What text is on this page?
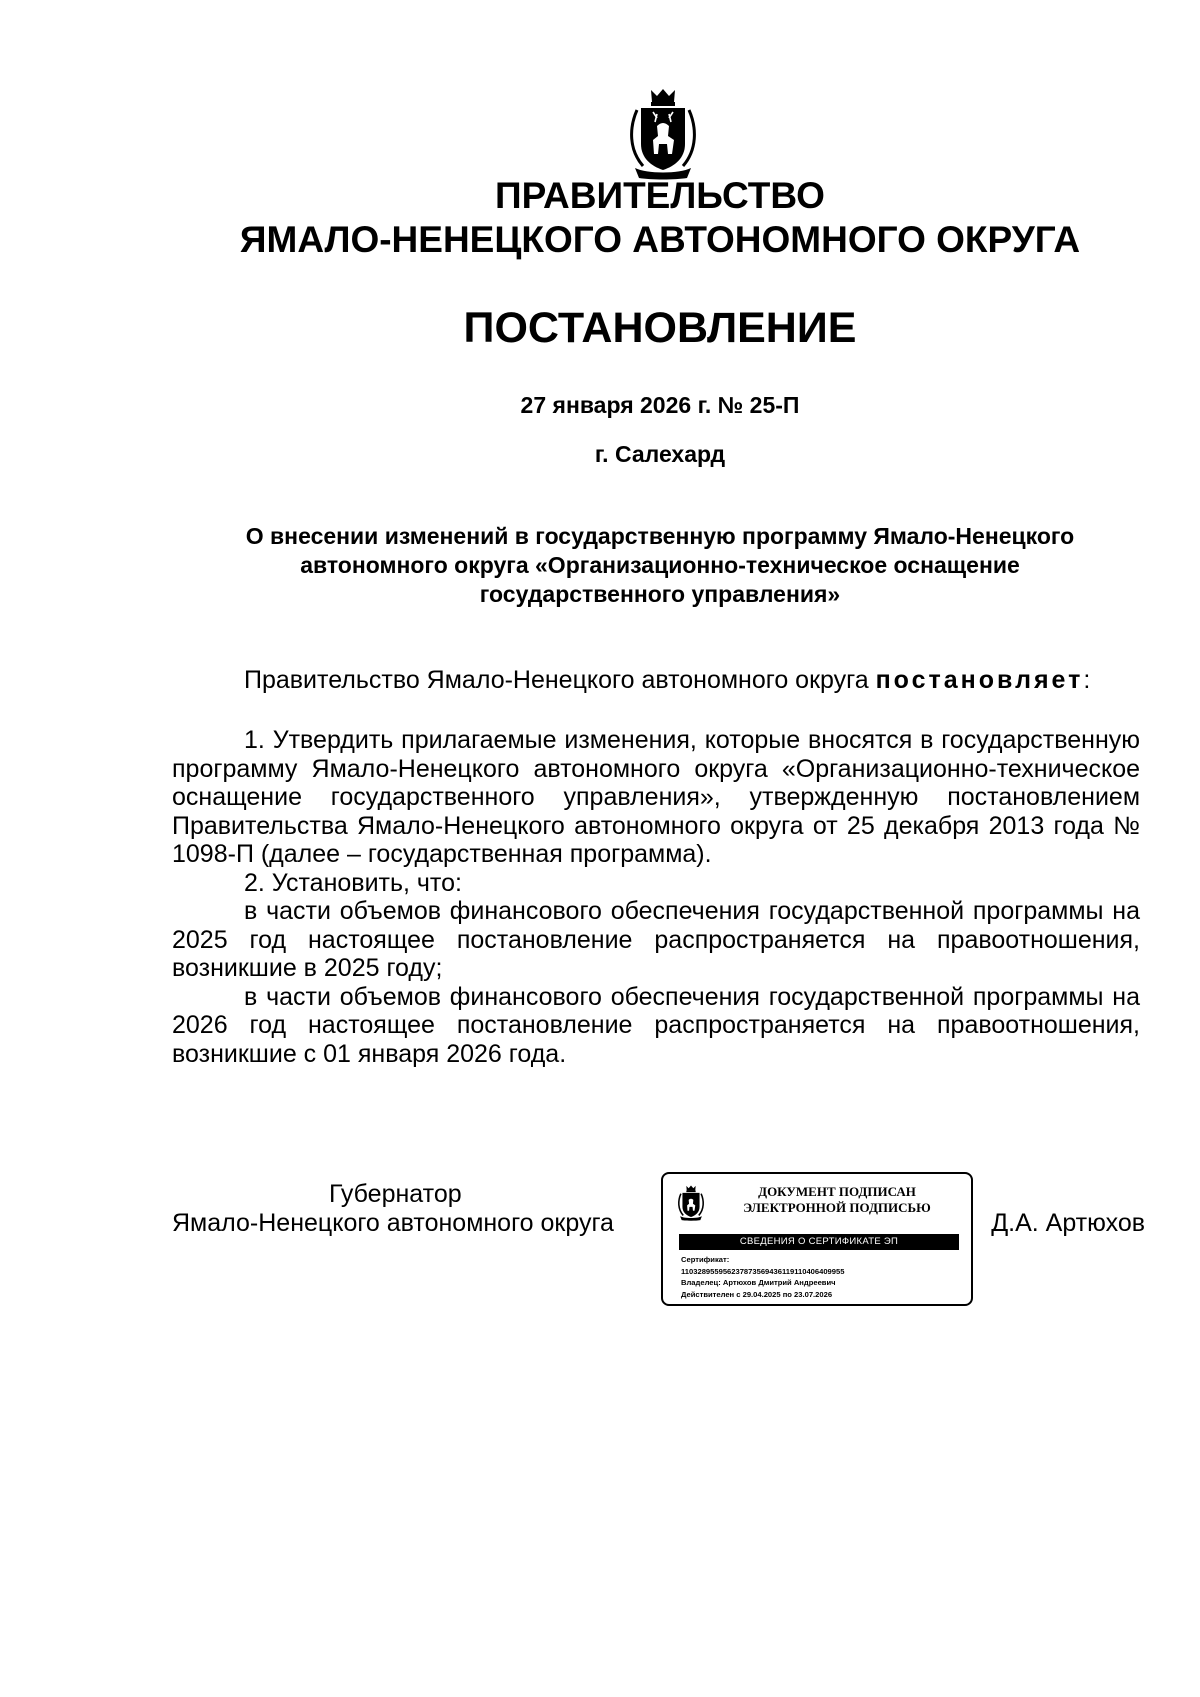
ПРАВИТЕЛЬСТВО
ЯМАЛО-НЕНЕЦКОГО АВТОНОМНОГО ОКРУГА
ПОСТАНОВЛЕНИЕ
27 января 2026 г. № 25-П
г. Салехард
О внесении изменений в государственную программу Ямало-Ненецкого
автономного округа «Организационно-техническое оснащение
государственного управления»

Правительство Ямало-Ненецкого автономного округа постановляет:

1. Утвердить прилагаемые изменения, которые вносятся в государственную программу Ямало-Ненецкого автономного округа «Организационно-техническое оснащение государственного управления», утвержденную постановлением Правительства Ямало-Ненецкого автономного округа от 25 декабря 2013 года № 1098-П (далее – государственная программа).

2. Установить, что:

в части объемов финансового обеспечения государственной программы на 2025 год настоящее постановление распространяется на правоотношения, возникшие в 2025 году;

в части объемов финансового обеспечения государственной программы на 2026 год настоящее постановление распространяется на правоотношения, возникшие с 01 января 2026 года.

Губернатор
Ямало-Ненецкого автономного округа
ДОКУМЕНТ ПОДПИСАН
ЭЛЕКТРОННОЙ ПОДПИСЬЮ
СВЕДЕНИЯ О СЕРТИФИКАТЕ ЭП
Сертификат:
110328955956237873569436119110406409955
Владелец: Артюхов Дмитрий Андреевич
Действителен с 29.04.2025 по 23.07.2026
Д.А. Артюхов
